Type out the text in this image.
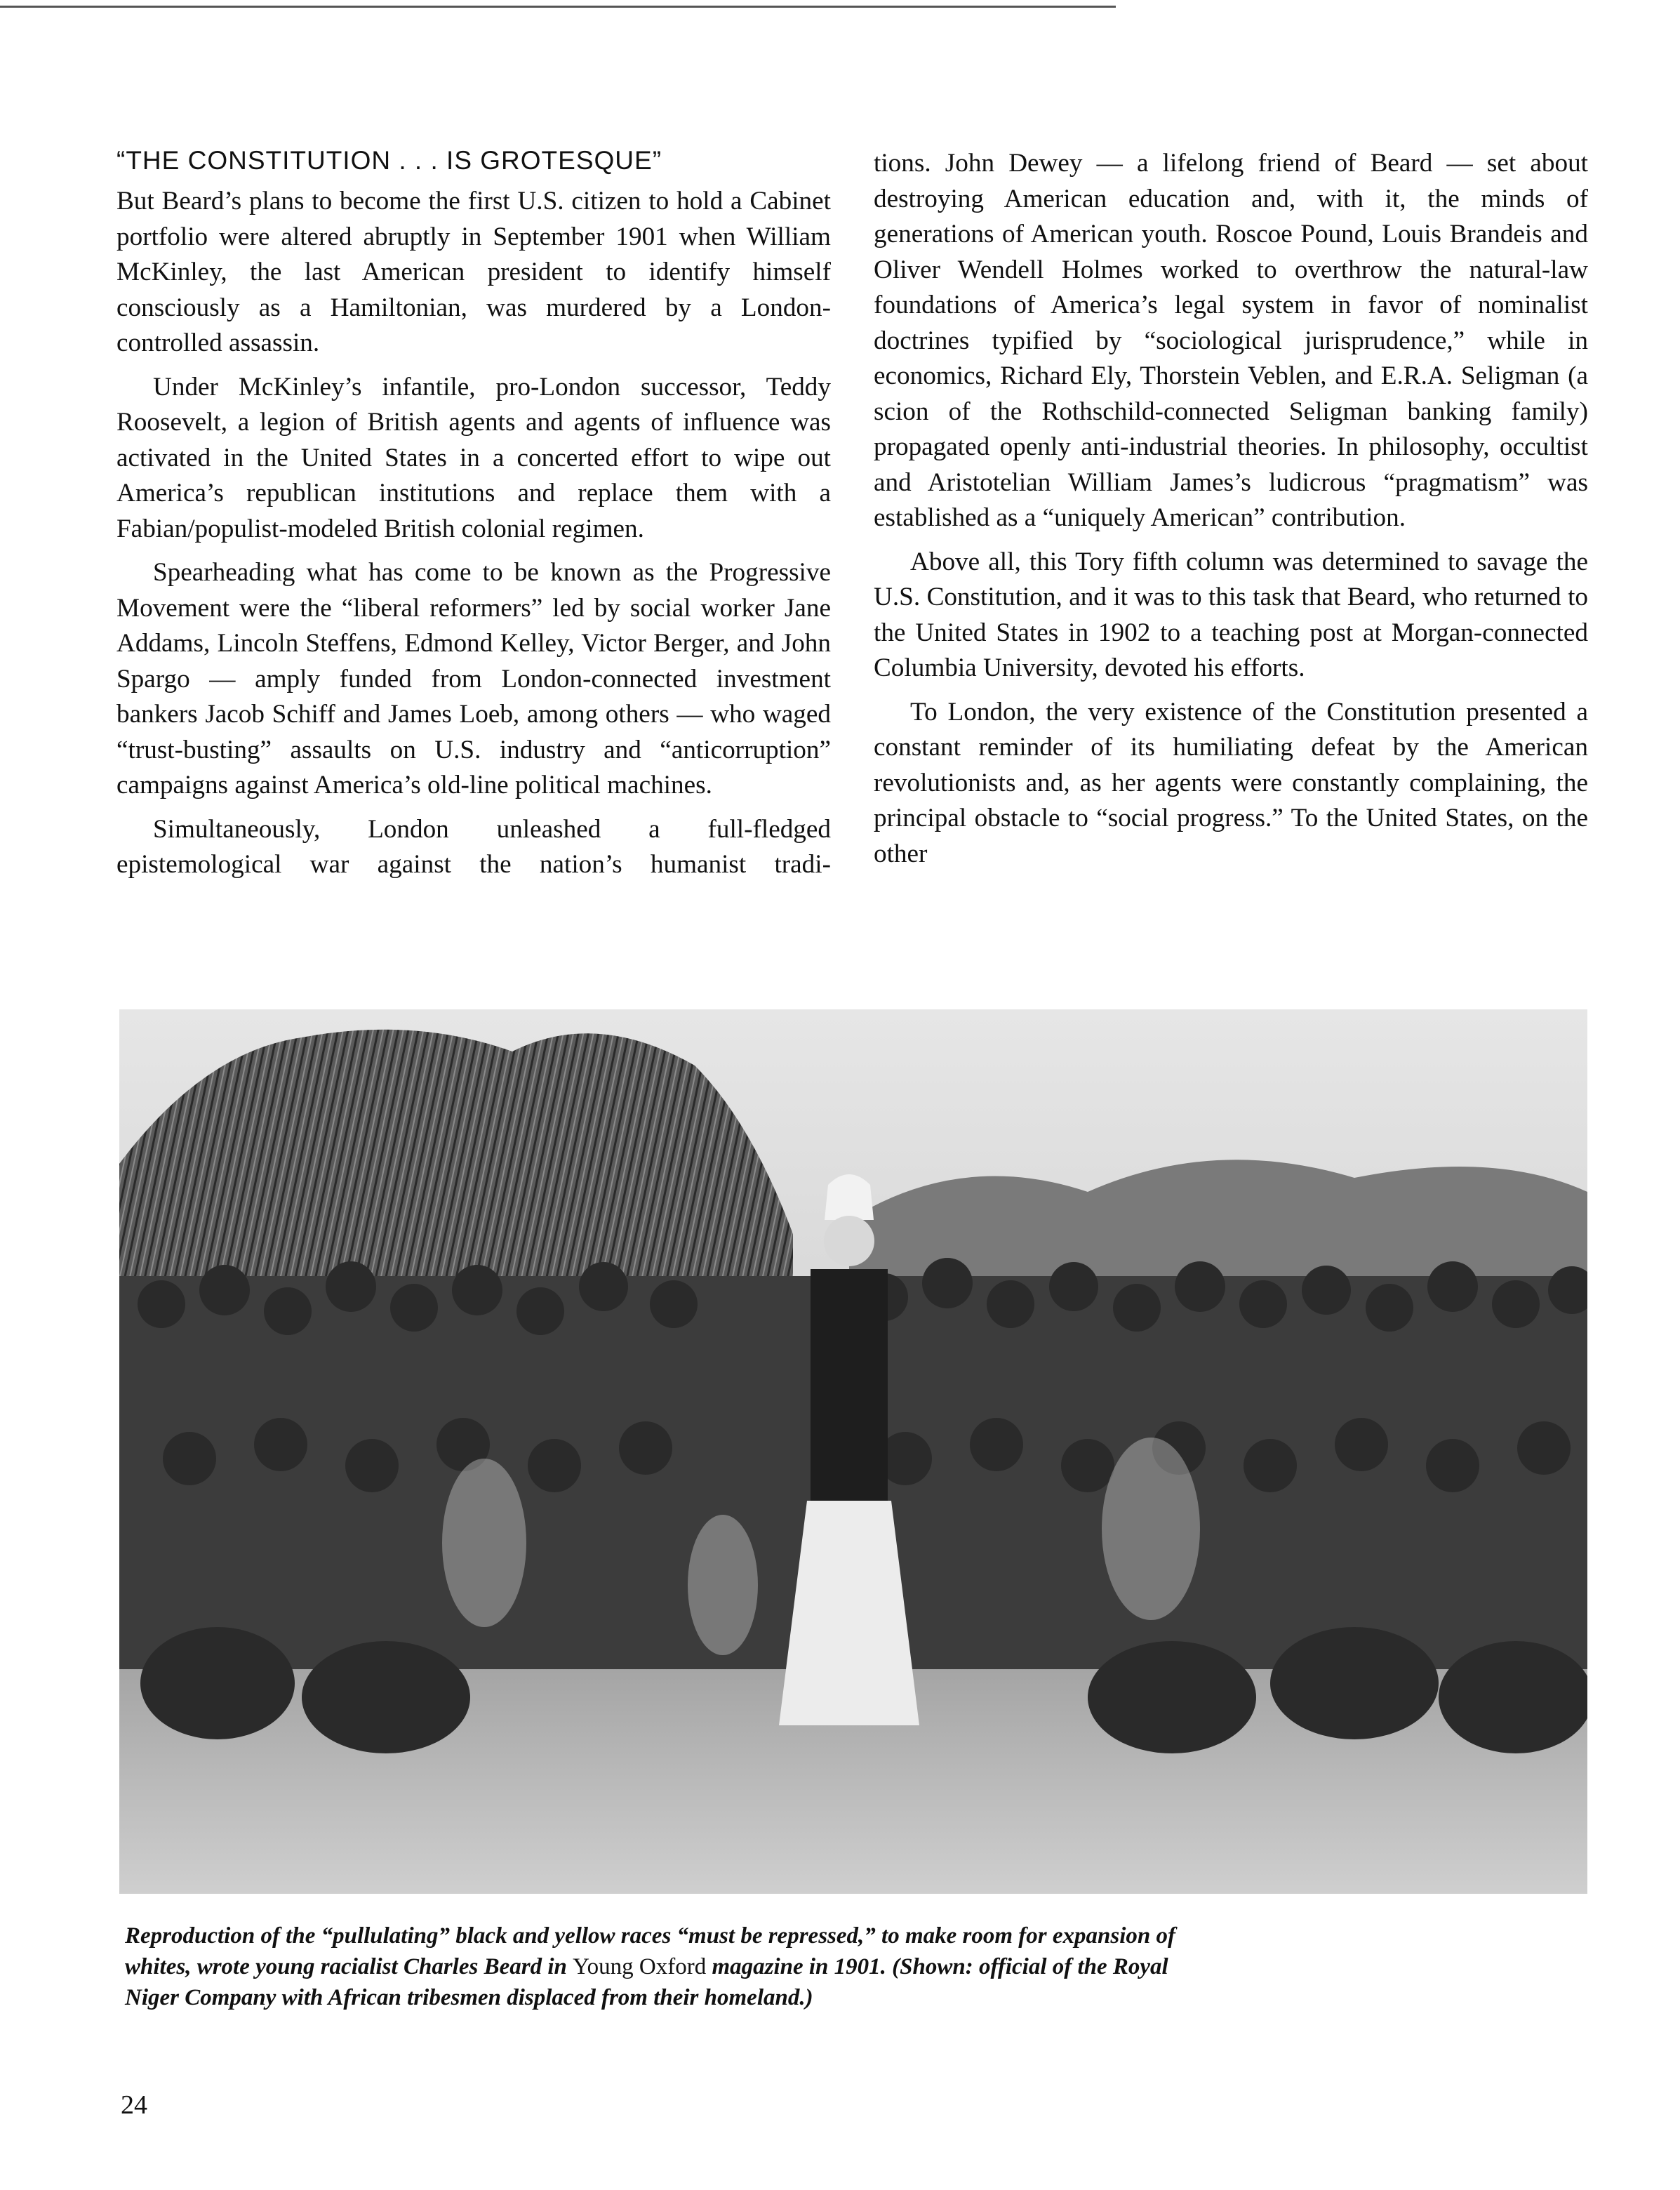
“THE CONSTITUTION . . . IS GROTESQUE”

But Beard’s plans to become the first U.S. citizen to hold a Cabinet portfolio were altered abruptly in September 1901 when William McKinley, the last American president to identify himself consciously as a Hamiltonian, was murdered by a London-controlled assassin.

Under McKinley’s infantile, pro-London successor, Teddy Roosevelt, a legion of British agents and agents of influence was activated in the United States in a concerted effort to wipe out America’s republican institutions and replace them with a Fabian/populist-modeled British colonial regimen.

Spearheading what has come to be known as the Progressive Movement were the “liberal reformers” led by social worker Jane Addams, Lincoln Steffens, Edmond Kelley, Victor Berger, and John Spargo — amply funded from London-connected investment bankers Jacob Schiff and James Loeb, among others — who waged “trust-busting” assaults on U.S. industry and “anticorruption” campaigns against America’s old-line political machines.

Simultaneously, London unleashed a full-fledged epistemological war against the nation’s humanist tradi-

tions. John Dewey — a lifelong friend of Beard — set about destroying American education and, with it, the minds of generations of American youth. Roscoe Pound, Louis Brandeis and Oliver Wendell Holmes worked to overthrow the natural-law foundations of America’s legal system in favor of nominalist doctrines typified by “sociological jurisprudence,” while in economics, Richard Ely, Thorstein Veblen, and E.R.A. Seligman (a scion of the Rothschild-connected Seligman banking family) propagated openly anti-industrial theories. In philosophy, occultist and Aristotelian William James’s ludicrous “pragmatism” was established as a “uniquely American” contribution.

Above all, this Tory fifth column was determined to savage the U.S. Constitution, and it was to this task that Beard, who returned to the United States in 1902 to a teaching post at Morgan-connected Columbia University, devoted his efforts.

To London, the very existence of the Constitution presented a constant reminder of its humiliating defeat by the American revolutionists and, as her agents were constantly complaining, the principal obstacle to “social progress.” To the United States, on the other

Reproduction of the “pullulating” black and yellow races “must be repressed,” to make room for expansion of whites, wrote young racialist Charles Beard in Young Oxford magazine in 1901. (Shown: official of the Royal Niger Company with African tribesmen displaced from their homeland.)
24
